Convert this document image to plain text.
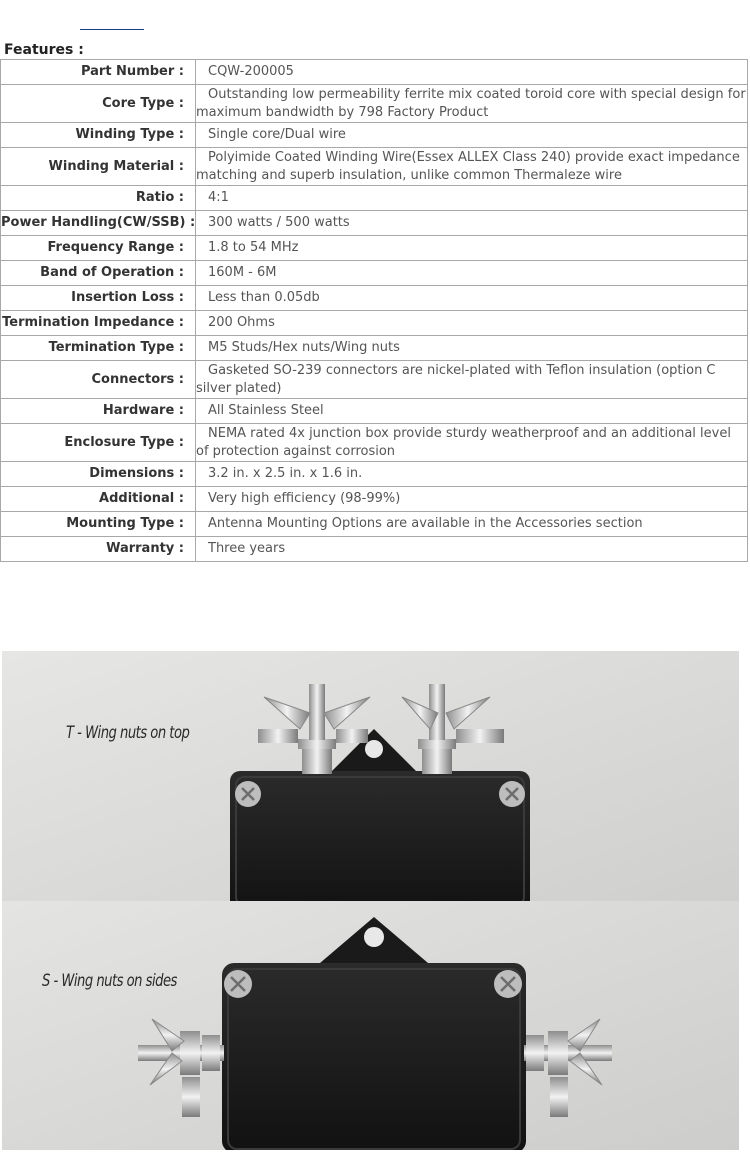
Features :
Part Number :	CQW-200005
Core Type :	Outstanding low permeability ferrite mix coated toroid core with special design for maximum bandwidth by 798 Factory Product
Winding Type :	Single core/Dual wire
Winding Material :	Polyimide Coated Winding Wire(Essex ALLEX Class 240) provide exact impedance matching and superb insulation, unlike common Thermaleze wire
Ratio :	4:1
Power Handling(CW/SSB) :	300 watts / 500 watts
Frequency Range :	1.8 to 54 MHz
Band of Operation :	160M - 6M
Insertion Loss :	Less than 0.05db
Termination Impedance :	200 Ohms
Termination Type :	M5 Studs/Hex nuts/Wing nuts
Connectors :	Gasketed SO-239 connectors are nickel-plated with Teflon insulation (option C silver plated)
Hardware :	All Stainless Steel
Enclosure Type :	NEMA rated 4x junction box provide sturdy weatherproof and an additional level of protection against corrosion
Dimensions :	3.2 in. x 2.5 in. x 1.6 in.
Additional :	Very high efficiency (98-99%)
Mounting Type :	Antenna Mounting Options are available in the Accessories section
Warranty :	Three years
T - Wing nuts on top
S - Wing nuts on sides
